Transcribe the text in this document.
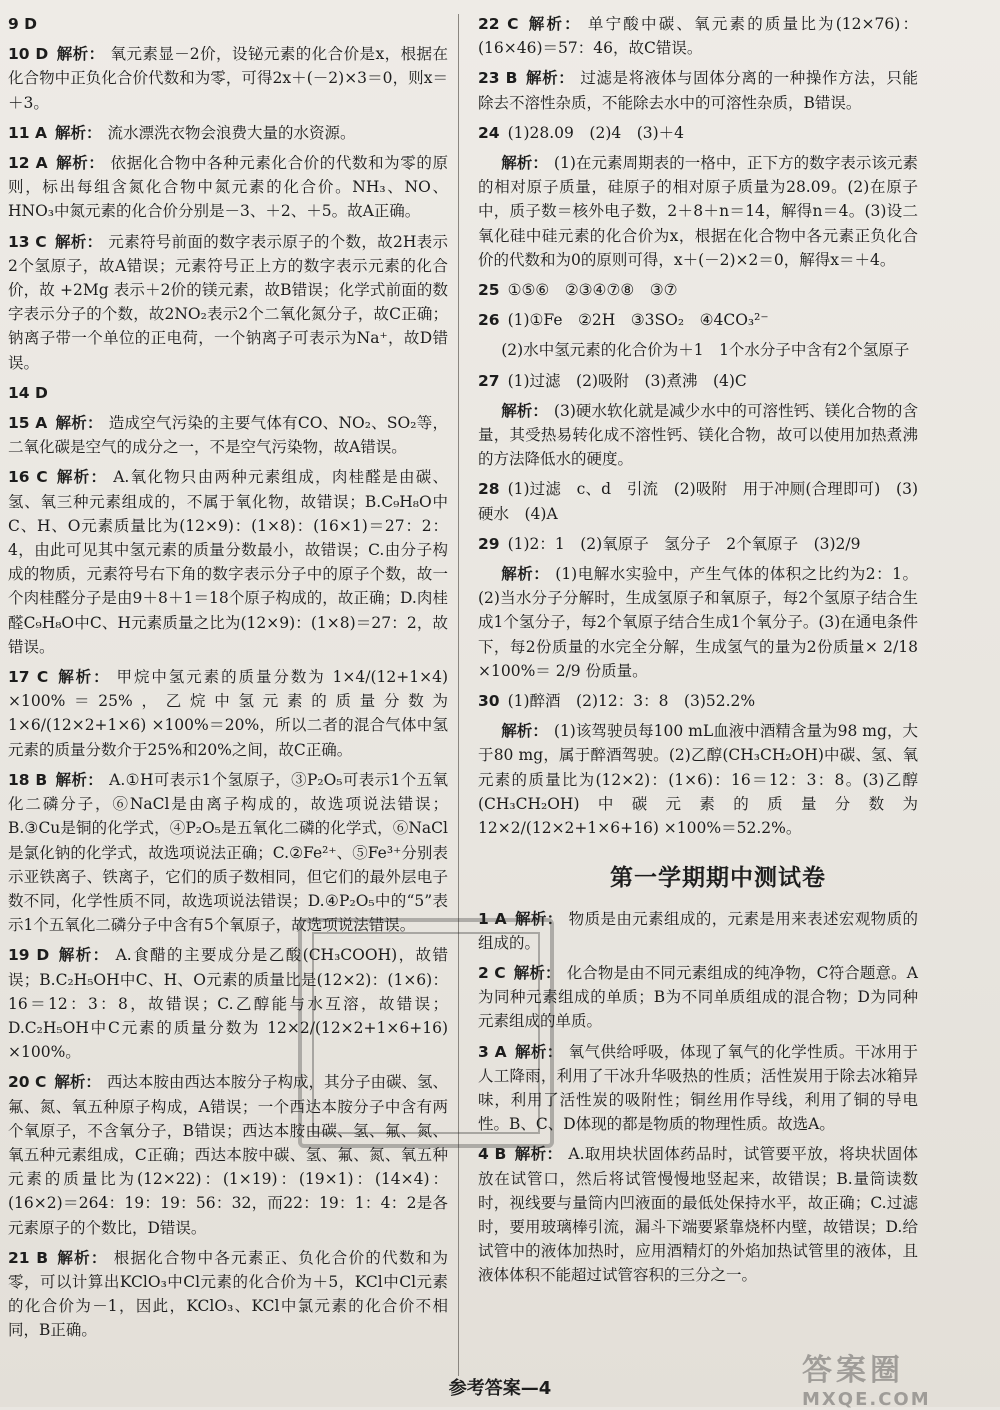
9 D
10 D 解析： 氧元素显－2价，设铋元素的化合价是x，根据在化合物中正负化合价代数和为零，可得2x＋(－2)×3＝0，则x＝＋3。
11 A 解析： 流水漂洗衣物会浪费大量的水资源。
12 A 解析： 依据化合物中各种元素化合价的代数和为零的原则，标出每组含氮化合物中氮元素的化合价。NH₃、NO、HNO₃中氮元素的化合价分别是－3、＋2、＋5。故A正确。
13 C 解析： 元素符号前面的数字表示原子的个数，故2H表示2个氢原子，故A错误；元素符号正上方的数字表示元素的化合价，故 +2Mg 表示＋2价的镁元素，故B错误；化学式前面的数字表示分子的个数，故2NO₂表示2个二氧化氮分子，故C正确；钠离子带一个单位的正电荷，一个钠离子可表示为Na⁺，故D错误。
14 D
15 A 解析： 造成空气污染的主要气体有CO、NO₂、SO₂等，二氧化碳是空气的成分之一，不是空气污染物，故A错误。
16 C 解析： A.氧化物只由两种元素组成，肉桂醛是由碳、氢、氧三种元素组成的，不属于氧化物，故错误；B.C₉H₈O中C、H、O元素质量比为(12×9)：(1×8)：(16×1)＝27：2：4，由此可见其中氢元素的质量分数最小，故错误；C.由分子构成的物质，元素符号右下角的数字表示分子中的原子个数，故一个肉桂醛分子是由9＋8＋1＝18个原子构成的，故正确；D.肉桂醛C₉H₈O中C、H元素质量之比为(12×9)：(1×8)＝27：2，故错误。
17 C 解析： 甲烷中氢元素的质量分数为 1×4/(12+1×4) ×100%＝25%，乙烷中氢元素的质量分数为 1×6/(12×2+1×6) ×100%＝20%，所以二者的混合气体中氢元素的质量分数介于25%和20%之间，故C正确。
18 B 解析： A.①H可表示1个氢原子，③P₂O₅可表示1个五氧化二磷分子，⑥NaCl是由离子构成的，故选项说法错误；B.③Cu是铜的化学式，④P₂O₅是五氧化二磷的化学式，⑥NaCl是氯化钠的化学式，故选项说法正确；C.②Fe²⁺、⑤Fe³⁺分别表示亚铁离子、铁离子，它们的质子数相同，但它们的最外层电子数不同，化学性质不同，故选项说法错误；D.④P₂O₅中的“5”表示1个五氧化二磷分子中含有5个氧原子，故选项说法错误。
19 D 解析： A.食醋的主要成分是乙酸(CH₃COOH)，故错误；B.C₂H₅OH中C、H、O元素的质量比是(12×2)：(1×6)：16＝12：3：8，故错误；C.乙醇能与水互溶，故错误；D.C₂H₅OH中C元素的质量分数为 12×2/(12×2+1×6+16) ×100%。
20 C 解析： 西达本胺由西达本胺分子构成，其分子由碳、氢、氟、氮、氧五种原子构成，A错误；一个西达本胺分子中含有两个氧原子，不含氧分子，B错误；西达本胺由碳、氢、氟、氮、氧五种元素组成，C正确；西达本胺中碳、氢、氟、氮、氧五种元素的质量比为(12×22)：(1×19)：(19×1)：(14×4)：(16×2)＝264：19：19：56：32，而22：19：1：4：2是各元素原子的个数比，D错误。
21 B 解析： 根据化合物中各元素正、负化合价的代数和为零，可以计算出KClO₃中Cl元素的化合价为＋5，KCl中Cl元素的化合价为－1，因此，KClO₃、KCl中氯元素的化合价不相同，B正确。
22 C 解析： 单宁酸中碳、氧元素的质量比为(12×76)：(16×46)＝57：46，故C错误。
23 B 解析： 过滤是将液体与固体分离的一种操作方法，只能除去不溶性杂质，不能除去水中的可溶性杂质，B错误。
24 (1)28.09　(2)4　(3)＋4
解析： (1)在元素周期表的一格中，正下方的数字表示该元素的相对原子质量，硅原子的相对原子质量为28.09。(2)在原子中，质子数＝核外电子数，2＋8＋n＝14，解得n＝4。(3)设二氧化硅中硅元素的化合价为x，根据在化合物中各元素正负化合价的代数和为0的原则可得，x＋(－2)×2＝0，解得x＝＋4。
25 ①⑤⑥　②③④⑦⑧　③⑦
26 (1)①Fe　②2H　③3SO₂　④4CO₃²⁻
(2)水中氢元素的化合价为＋1　1个水分子中含有2个氢原子
27 (1)过滤　(2)吸附　(3)煮沸　(4)C
解析： (3)硬水软化就是减少水中的可溶性钙、镁化合物的含量，其受热易转化成不溶性钙、镁化合物，故可以使用加热煮沸的方法降低水的硬度。
28 (1)过滤　c、d　引流　(2)吸附　用于冲厕(合理即可)　(3)硬水　(4)A
29 (1)2：1　(2)氧原子　氢分子　2个氧原子　(3)2/9
解析： (1)电解水实验中，产生气体的体积之比约为2：1。(2)当水分子分解时，生成氢原子和氧原子，每2个氢原子结合生成1个氢分子，每2个氧原子结合生成1个氧分子。(3)在通电条件下，每2份质量的水完全分解，生成氢气的量为2份质量× 2/18 ×100%＝ 2/9 份质量。
30 (1)醉酒　(2)12：3：8　(3)52.2%
解析： (1)该驾驶员每100 mL血液中酒精含量为98 mg，大于80 mg，属于醉酒驾驶。(2)乙醇(CH₃CH₂OH)中碳、氢、氧元素的质量比为(12×2)：(1×6)：16＝12：3：8。(3)乙醇(CH₃CH₂OH)中碳元素的质量分数为 12×2/(12×2+1×6+16) ×100%＝52.2%。
第一学期期中测试卷
1 A 解析： 物质是由元素组成的，元素是用来表述宏观物质的组成的。
2 C 解析： 化合物是由不同元素组成的纯净物，C符合题意。A为同种元素组成的单质；B为不同单质组成的混合物；D为同种元素组成的单质。
3 A 解析： 氧气供给呼吸，体现了氧气的化学性质。干冰用于人工降雨，利用了干冰升华吸热的性质；活性炭用于除去冰箱异味，利用了活性炭的吸附性；铜丝用作导线，利用了铜的导电性。B、C、D体现的都是物质的物理性质。故选A。
4 B 解析： A.取用块状固体药品时，试管要平放，将块状固体放在试管口，然后将试管慢慢地竖起来，故错误；B.量筒读数时，视线要与量筒内凹液面的最低处保持水平，故正确；C.过滤时，要用玻璃棒引流，漏斗下端要紧靠烧杯内壁，故错误；D.给试管中的液体加热时，应用酒精灯的外焰加热试管里的液体，且液体体积不能超过试管容积的三分之一。
答案圈
MXQE.COM
参考答案—4
